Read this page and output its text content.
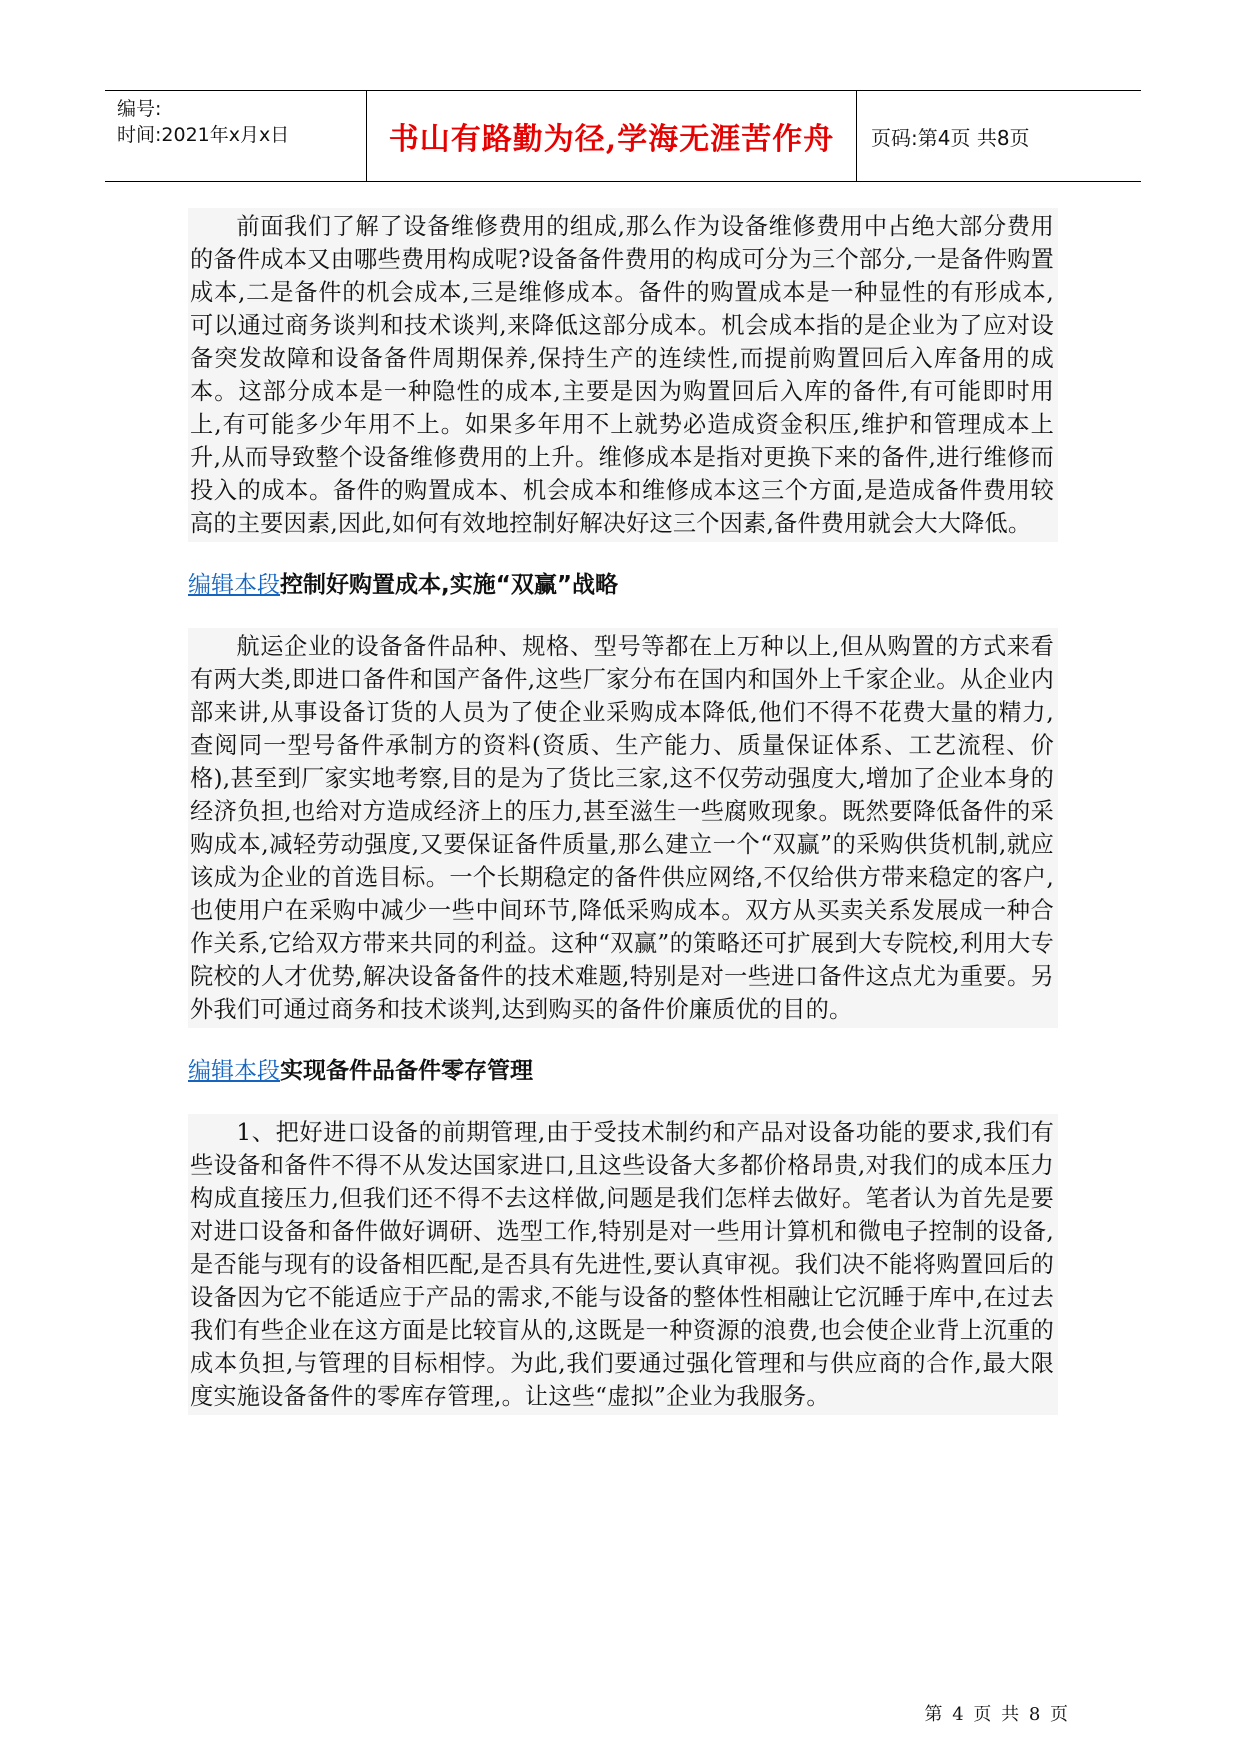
编号:
时间:2021年x月x日	书山有路勤为径,学海无涯苦作舟 页码:第4页 共8页

前面我们了解了设备维修费用的组成,那么作为设备维修费用中占绝大部分费用的备件成本又由哪些费用构成呢?设备备件费用的构成可分为三个部分,一是备件购置成本,二是备件的机会成本,三是维修成本。备件的购置成本是一种显性的有形成本,可以通过商务谈判和技术谈判,来降低这部分成本。机会成本指的是企业为了应对设备突发故障和设备备件周期保养,保持生产的连续性,而提前购置回后入库备用的成本。这部分成本是一种隐性的成本,主要是因为购置回后入库的备件,有可能即时用上,有可能多少年用不上。如果多年用不上就势必造成资金积压,维护和管理成本上升,从而导致整个设备维修费用的上升。维修成本是指对更换下来的备件,进行维修而投入的成本。备件的购置成本、机会成本和维修成本这三个方面,是造成备件费用较高的主要因素,因此,如何有效地控制好解决好这三个因素,备件费用就会大大降低。

编辑本段控制好购置成本,实施“双赢”战略

航运企业的设备备件品种、规格、型号等都在上万种以上,但从购置的方式来看有两大类,即进口备件和国产备件,这些厂家分布在国内和国外上千家企业。从企业内部来讲,从事设备订货的人员为了使企业采购成本降低,他们不得不花费大量的精力,查阅同一型号备件承制方的资料(资质、生产能力、质量保证体系、工艺流程、价格),甚至到厂家实地考察,目的是为了货比三家,这不仅劳动强度大,增加了企业本身的经济负担,也给对方造成经济上的压力,甚至滋生一些腐败现象。既然要降低备件的采购成本,减轻劳动强度,又要保证备件质量,那么建立一个“双赢”的采购供货机制,就应该成为企业的首选目标。一个长期稳定的备件供应网络,不仅给供方带来稳定的客户,也使用户在采购中减少一些中间环节,降低采购成本。双方从买卖关系发展成一种合作关系,它给双方带来共同的利益。这种“双赢”的策略还可扩展到大专院校,利用大专院校的人才优势,解决设备备件的技术难题,特别是对一些进口备件这点尤为重要。另外我们可通过商务和技术谈判,达到购买的备件价廉质优的目的。

编辑本段实现备件品备件零存管理

1、把好进口设备的前期管理,由于受技术制约和产品对设备功能的要求,我们有些设备和备件不得不从发达国家进口,且这些设备大多都价格昂贵,对我们的成本压力构成直接压力,但我们还不得不去这样做,问题是我们怎样去做好。笔者认为首先是要对进口设备和备件做好调研、选型工作,特别是对一些用计算机和微电子控制的设备,是否能与现有的设备相匹配,是否具有先进性,要认真审视。我们决不能将购置回后的设备因为它不能适应于产品的需求,不能与设备的整体性相融让它沉睡于库中,在过去我们有些企业在这方面是比较盲从的,这既是一种资源的浪费,也会使企业背上沉重的成本负担,与管理的目标相悖。为此,我们要通过强化管理和与供应商的合作,最大限度实施设备备件的零库存管理,。让这些“虚拟”企业为我服务。

第 4 页 共 8 页
